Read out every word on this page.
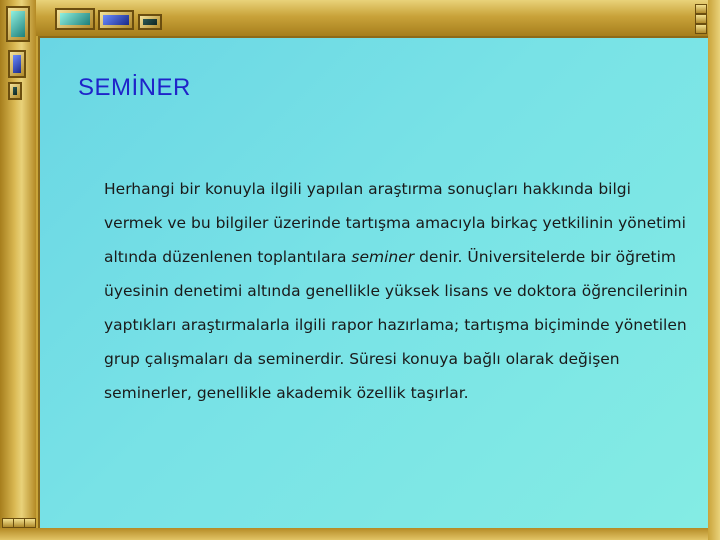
SEMİNER
Herhangi bir konuyla ilgili yapılan araştırma sonuçları hakkında bilgi vermek ve bu bilgiler üzerinde tartışma amacıyla birkaç yetkilinin yönetimi altında düzenlenen toplantılara seminer denir. Üniversitelerde bir öğretim üyesinin denetimi altında genellikle yüksek lisans ve doktora öğrencilerinin yaptıkları araştırmalarla ilgili rapor hazırlama; tartışma biçiminde yönetilen grup çalışmaları da seminerdir. Süresi konuya bağlı olarak değişen seminerler, genellikle akademik özellik taşırlar.
